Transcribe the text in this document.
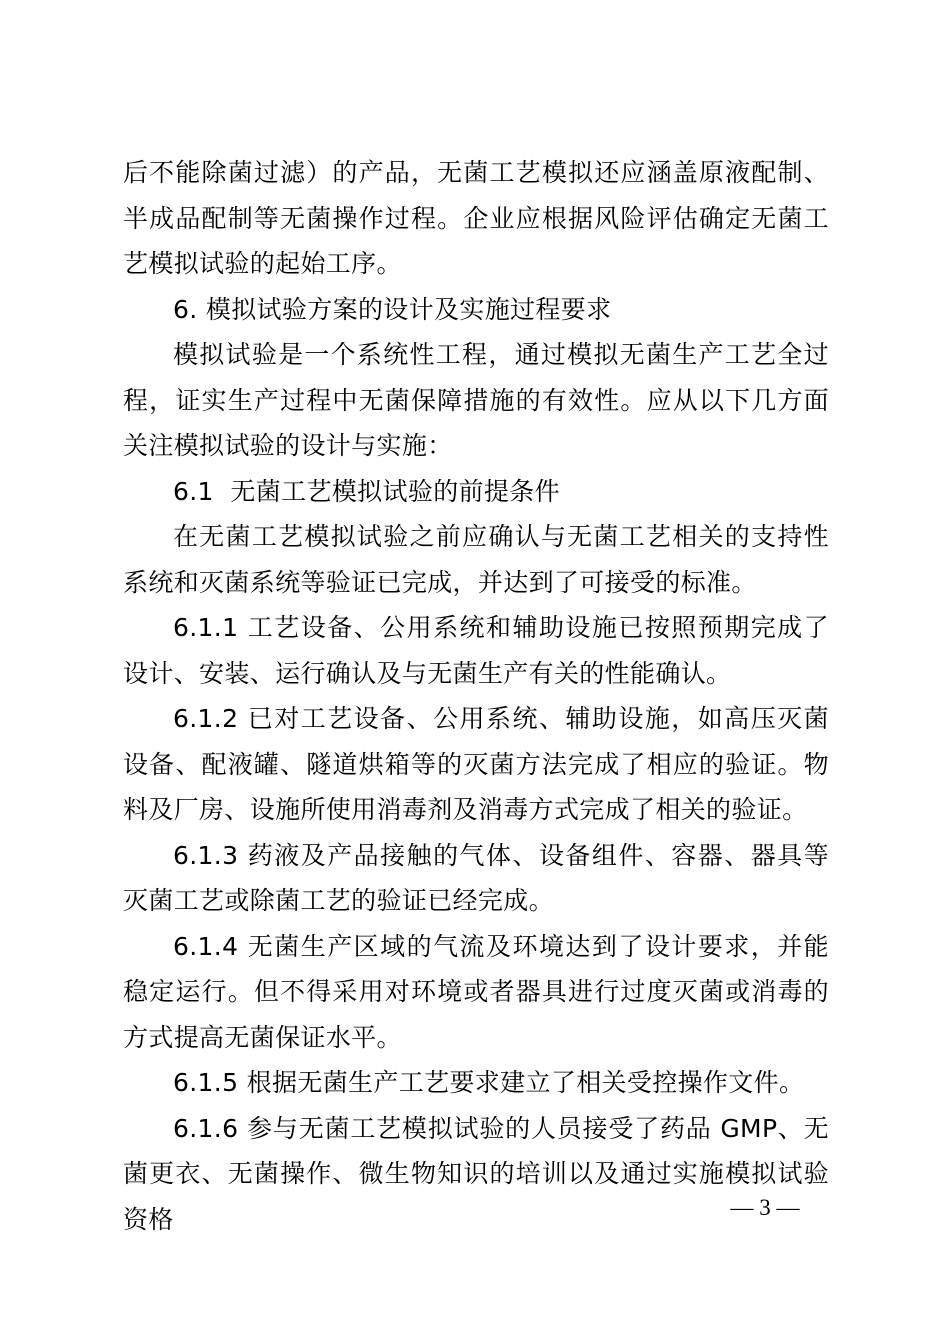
后不能除菌过滤）的产品，无菌工艺模拟还应涵盖原液配制、半成品配制等无菌操作过程。企业应根据风险评估确定无菌工艺模拟试验的起始工序。

6. 模拟试验方案的设计及实施过程要求

模拟试验是一个系统性工程，通过模拟无菌生产工艺全过程，证实生产过程中无菌保障措施的有效性。应从以下几方面关注模拟试验的设计与实施：

6.1  无菌工艺模拟试验的前提条件

在无菌工艺模拟试验之前应确认与无菌工艺相关的支持性系统和灭菌系统等验证已完成，并达到了可接受的标准。

6.1.1 工艺设备、公用系统和辅助设施已按照预期完成了设计、安装、运行确认及与无菌生产有关的性能确认。

6.1.2 已对工艺设备、公用系统、辅助设施，如高压灭菌设备、配液罐、隧道烘箱等的灭菌方法完成了相应的验证。物料及厂房、设施所使用消毒剂及消毒方式完成了相关的验证。

6.1.3 药液及产品接触的气体、设备组件、容器、器具等灭菌工艺或除菌工艺的验证已经完成。

6.1.4 无菌生产区域的气流及环境达到了设计要求，并能稳定运行。但不得采用对环境或者器具进行过度灭菌或消毒的方式提高无菌保证水平。

6.1.5 根据无菌生产工艺要求建立了相关受控操作文件。

6.1.6 参与无菌工艺模拟试验的人员接受了药品 GMP、无菌更衣、无菌操作、微生物知识的培训以及通过实施模拟试验资格	— 3 —
